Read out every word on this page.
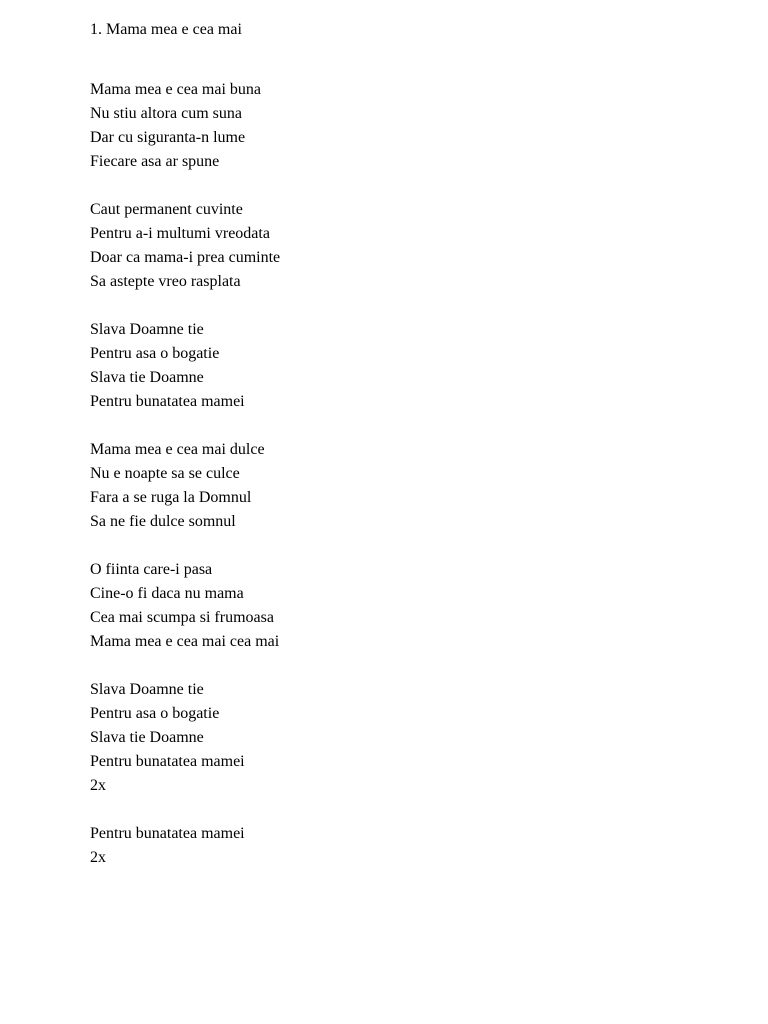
1. Mama mea e cea mai
Mama mea e cea mai buna
Nu stiu altora cum suna
Dar cu siguranta-n lume
Fiecare asa ar spune
Caut permanent cuvinte
Pentru a-i multumi vreodata
Doar ca mama-i prea cuminte
Sa astepte vreo rasplata
Slava Doamne tie
Pentru asa o bogatie
Slava tie Doamne
Pentru bunatatea mamei
Mama mea e cea mai dulce
Nu e noapte sa se culce
Fara a se ruga la Domnul
Sa ne fie dulce somnul
O fiinta care-i pasa
Cine-o fi daca nu mama
Cea mai scumpa si frumoasa
Mama mea e cea mai cea mai
Slava Doamne tie
Pentru asa o bogatie
Slava tie Doamne
Pentru bunatatea mamei
2x
Pentru bunatatea mamei
2x
